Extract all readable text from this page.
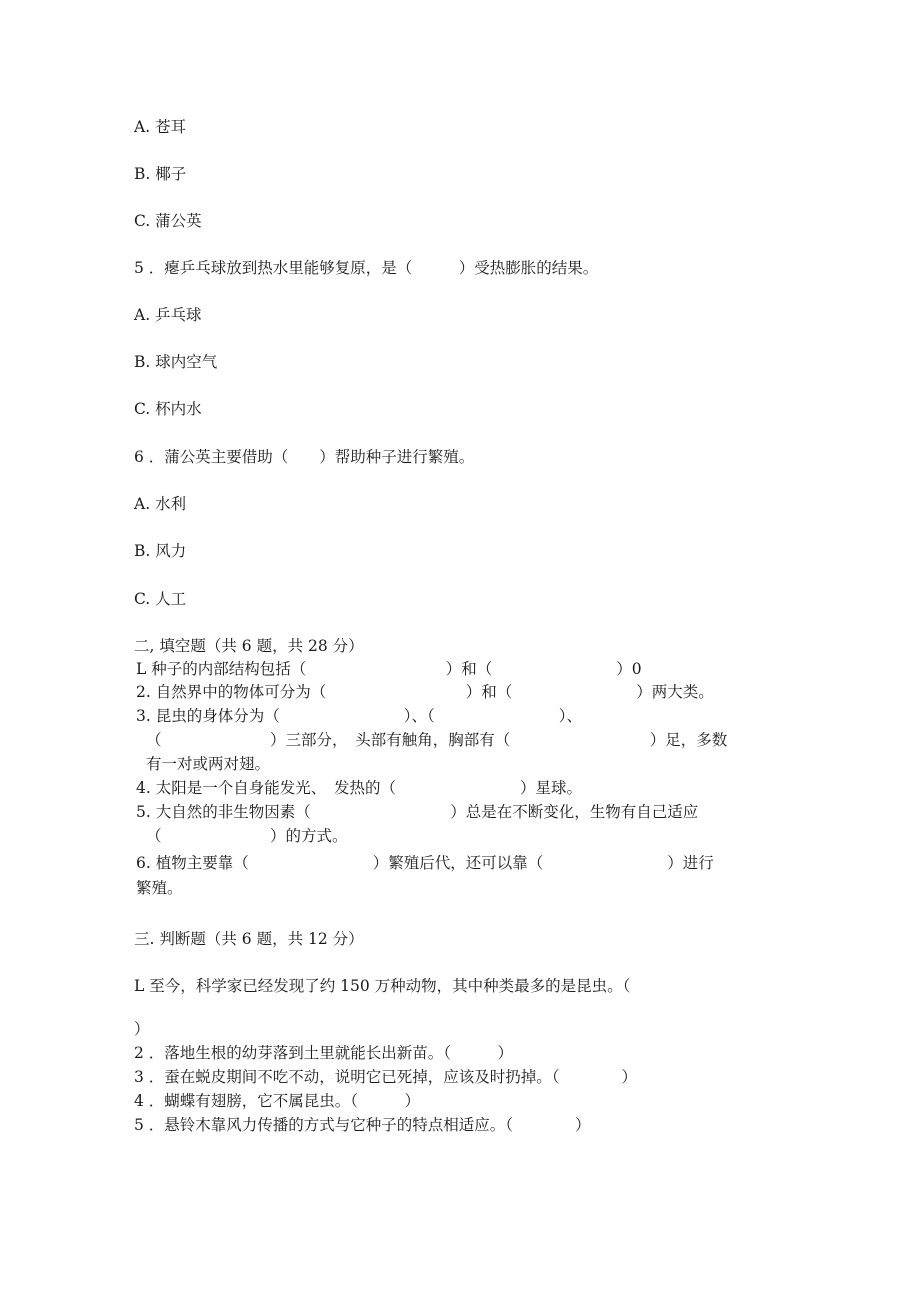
A. 苍耳
B. 椰子
C. 蒲公英
5 ．瘪乒乓球放到热水里能够复原，是（　　　）受热膨胀的结果。
A. 乒乓球
B. 球内空气
C. 杯内水
6 ．蒲公英主要借助（　　）帮助种子进行繁殖。
A. 水利
B. 风力
C. 人工
二, 填空题（共 6 题，共 28 分）
L 种子的内部结构包括（　　　　　　　　　）和（　　　　　　　　）0
2. 自然界中的物体可分为（　　　　　　　　　）和（　　　　　　　　）两大类。
3. 昆虫的身体分为（　　　　　　　　）、（　　　　　　　　）、
（　　　　　　　）三部分，　头部有触角，胸部有（　　　　　　　　　）足，多数
有一对或两对翅。
4. 太阳是一个自身能发光、　发热的（　　　　　　　　）星球。
5. 大自然的非生物因素（　　　　　　　　　）总是在不断变化，生物有自己适应
（　　　　　　　）的方式。
6. 植物主要靠（　　　　　　　　）繁殖后代，还可以靠（　　　　　　　　）进行
繁殖。
三. 判断题（共 6 题，共 12 分）
L 至今，科学家已经发现了约 150 万种动物，其中种类最多的是昆虫。（
）
2 ．落地生根的幼芽落到土里就能长出新苗。（　　　）
3 ．蚕在蜕皮期间不吃不动，说明它已死掉，应该及时扔掉。（　　　　）
4 ．蝴蝶有翅膀，它不属昆虫。（　　　）
5 ．悬铃木靠风力传播的方式与它种子的特点相适应。（　　　　）
